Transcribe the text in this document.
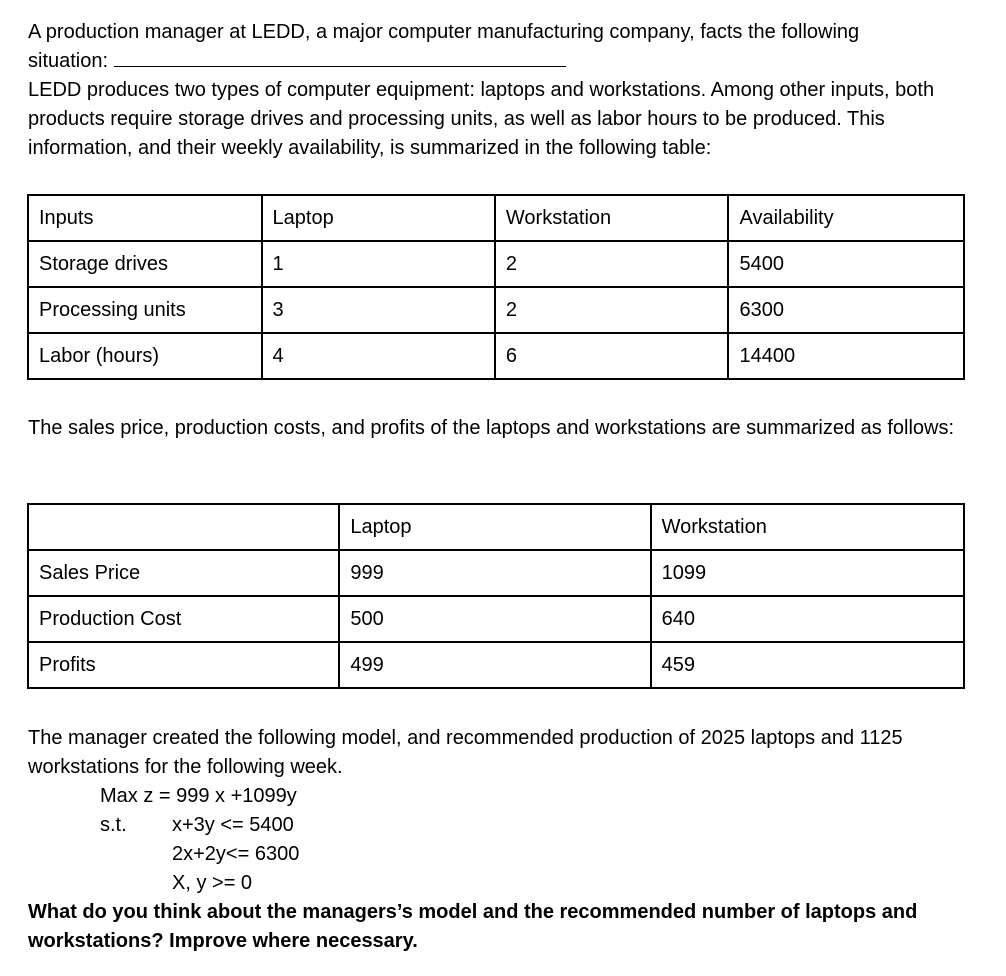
A production manager at LEDD, a major computer manufacturing company, facts the following
situation:
LEDD produces two types of computer equipment: laptops and workstations. Among other inputs, both products require storage drives and processing units, as well as labor hours to be produced. This information, and their weekly availability, is summarized in the following table:

Inputs	Laptop	Workstation	Availability
Storage drives	1	2	5400
Processing units	3	2	6300
Labor (hours)	4	6	14400

The sales price, production costs, and profits of the laptops and workstations are summarized as follows:

	Laptop	Workstation
Sales Price	999	1099
Production Cost	500	640
Profits	499	459

The manager created the following model, and recommended production of 2025 laptops and 1125 workstations for the following week.

Max z = 999 x +1099y

s.t. x+3y <= 5400

2x+2y<= 6300

X, y >= 0

What do you think about the managers’s model and the recommended number of laptops and workstations? Improve where necessary.
